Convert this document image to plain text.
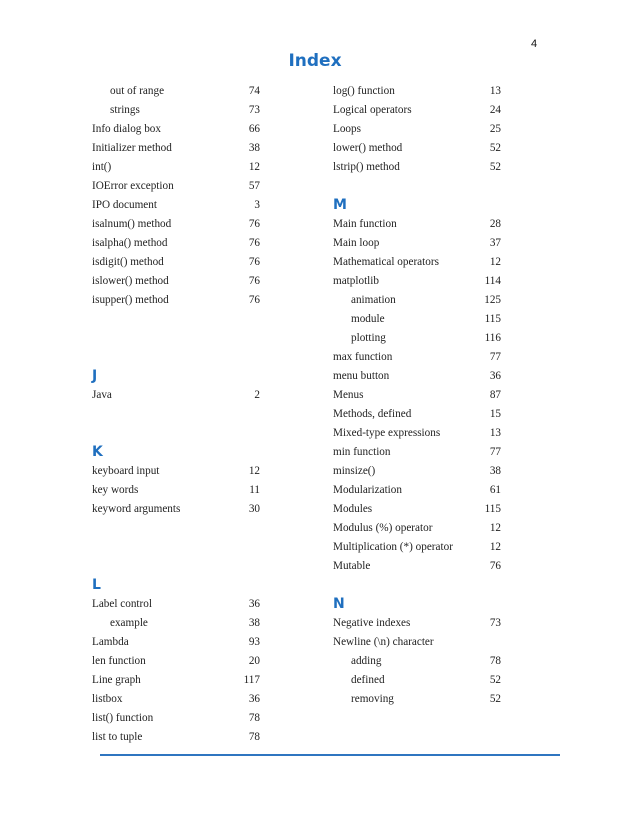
4
Index
out of range	74
strings	73
Info dialog box	66
Initializer method	38
int()	12
IOError exception	57
IPO document	3
isalnum() method	76
isalpha() method	76
isdigit() method	76
islower() method	76
isupper() method	76
J
Java	2
K
keyboard input	12
key words	11
keyword arguments	30
L
Label control	36
example	38
Lambda	93
len function	20
Line graph	117
listbox	36
list() function	78
list to tuple	78
log() function	13
Logical operators	24
Loops	25
lower() method	52
lstrip() method	52
M
Main function	28
Main loop	37
Mathematical operators	12
matplotlib	114
animation	125
module	115
plotting	116
max function	77
menu button	36
Menus	87
Methods, defined	15
Mixed-type expressions	13
min function	77
minsize()	38
Modularization	61
Modules	115
Modulus (%) operator	12
Multiplication (*) operator	12
Mutable	76
N
Negative indexes	73
Newline (\n) character
adding	78
defined	52
removing	52
